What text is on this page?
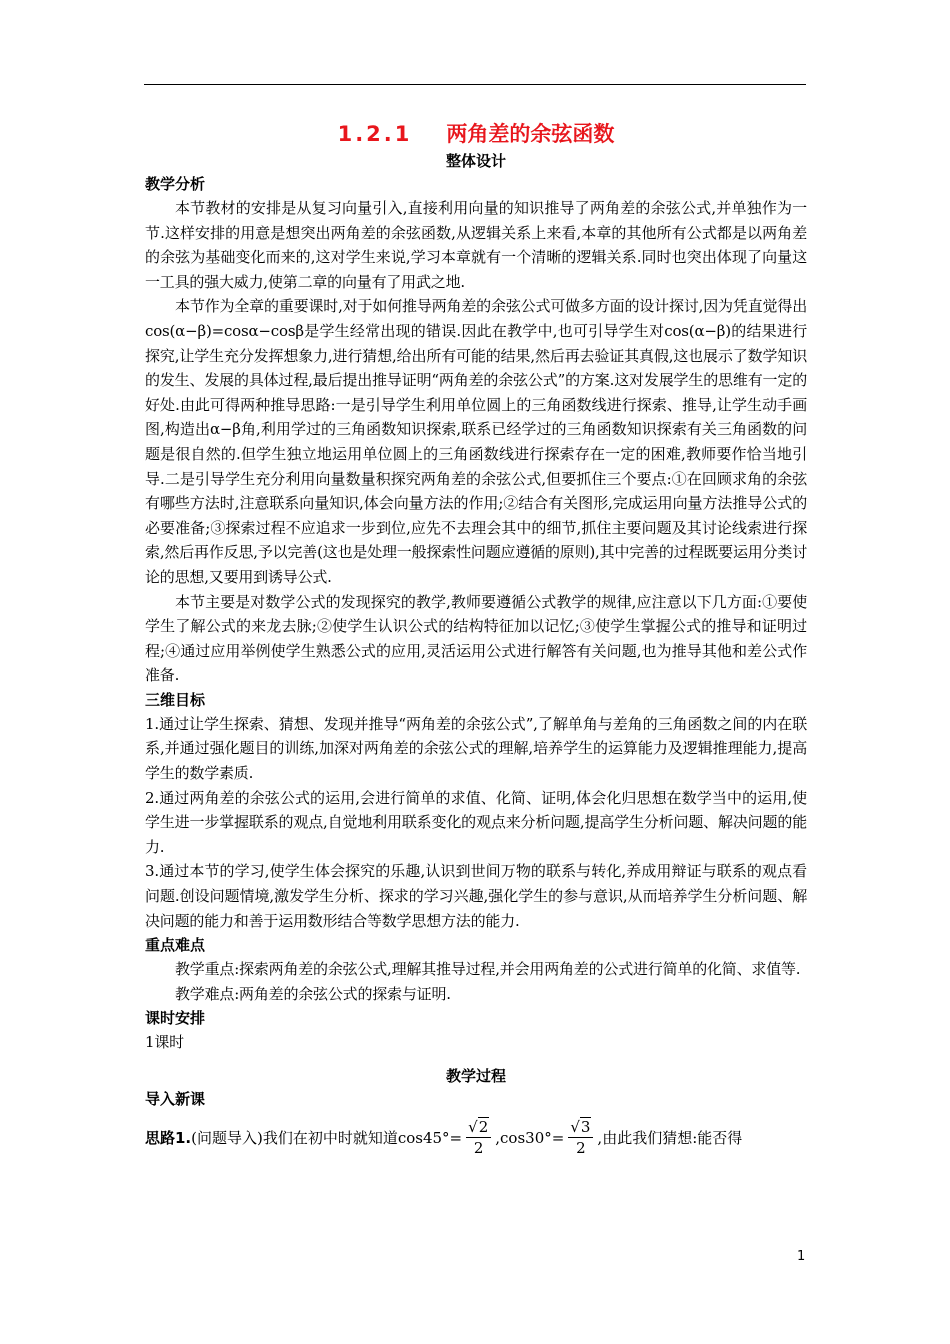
1.2.1 两角差的余弦函数
整体设计

教学分析

本节教材的安排是从复习向量引入,直接利用向量的知识推导了两角差的余弦公式,并单独作为一节.这样安排的用意是想突出两角差的余弦函数,从逻辑关系上来看,本章的其他所有公式都是以两角差的余弦为基础变化而来的,这对学生来说,学习本章就有一个清晰的逻辑关系.同时也突出体现了向量这一工具的强大威力,使第二章的向量有了用武之地.

本节作为全章的重要课时,对于如何推导两角差的余弦公式可做多方面的设计探讨,因为凭直觉得出cos(α−β)=cosα−cosβ是学生经常出现的错误.因此在教学中,也可引导学生对cos(α−β)的结果进行探究,让学生充分发挥想象力,进行猜想,给出所有可能的结果,然后再去验证其真假,这也展示了数学知识的发生、发展的具体过程,最后提出推导证明“两角差的余弦公式”的方案.这对发展学生的思维有一定的好处.由此可得两种推导思路:一是引导学生利用单位圆上的三角函数线进行探索、推导,让学生动手画图,构造出α−β角,利用学过的三角函数知识探索,联系已经学过的三角函数知识探索有关三角函数的问题是很自然的.但学生独立地运用单位圆上的三角函数线进行探索存在一定的困难,教师要作恰当地引导.二是引导学生充分利用向量数量积探究两角差的余弦公式,但要抓住三个要点:①在回顾求角的余弦有哪些方法时,注意联系向量知识,体会向量方法的作用;②结合有关图形,完成运用向量方法推导公式的必要准备;③探索过程不应追求一步到位,应先不去理会其中的细节,抓住主要问题及其讨论线索进行探索,然后再作反思,予以完善(这也是处理一般探索性问题应遵循的原则),其中完善的过程既要运用分类讨论的思想,又要用到诱导公式.

本节主要是对数学公式的发现探究的教学,教师要遵循公式教学的规律,应注意以下几方面:①要使学生了解公式的来龙去脉;②使学生认识公式的结构特征加以记忆;③使学生掌握公式的推导和证明过程;④通过应用举例使学生熟悉公式的应用,灵活运用公式进行解答有关问题,也为推导其他和差公式作准备.

三维目标

1.通过让学生探索、猜想、发现并推导“两角差的余弦公式”,了解单角与差角的三角函数之间的内在联系,并通过强化题目的训练,加深对两角差的余弦公式的理解,培养学生的运算能力及逻辑推理能力,提高学生的数学素质.

2.通过两角差的余弦公式的运用,会进行简单的求值、化简、证明,体会化归思想在数学当中的运用,使学生进一步掌握联系的观点,自觉地利用联系变化的观点来分析问题,提高学生分析问题、解决问题的能力.

3.通过本节的学习,使学生体会探究的乐趣,认识到世间万物的联系与转化,养成用辩证与联系的观点看问题.创设问题情境,激发学生分析、探求的学习兴趣,强化学生的参与意识,从而培养学生分析问题、解决问题的能力和善于运用数形结合等数学思想方法的能力.

重点难点

教学重点:探索两角差的余弦公式,理解其推导过程,并会用两角差的公式进行简单的化简、求值等.

教学难点:两角差的余弦公式的探索与证明.

课时安排

1课时

教学过程

导入新课

思路1. (问题导入)我们在初中时就知道$\cos 45^\circ= \frac{√ 2}{2} ,\cos 30^\circ= \frac{√ 3}{2}$ ,由此我们猜想:能否得
1
